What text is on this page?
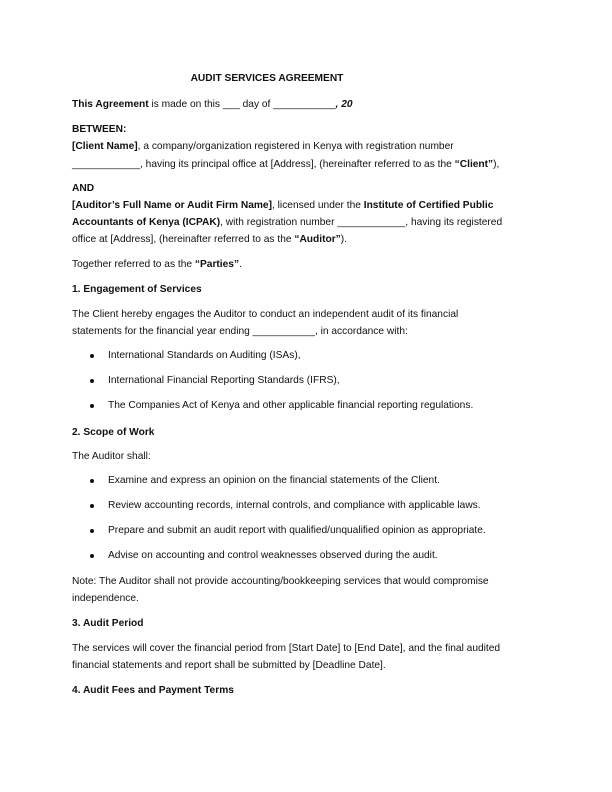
AUDIT SERVICES AGREEMENT

This Agreement is made on this ___ day of ___________, 20

BETWEEN:

[Client Name], a company/organization registered in Kenya with registration number

____________, having its principal office at [Address], (hereinafter referred to as the “Client”),

AND

[Auditor’s Full Name or Audit Firm Name], licensed under the Institute of Certified Public

Accountants of Kenya (ICPAK), with registration number ____________, having its registered

office at [Address], (hereinafter referred to as the “Auditor”).

Together referred to as the “Parties”.

1. Engagement of Services

The Client hereby engages the Auditor to conduct an independent audit of its financial

statements for the financial year ending ___________, in accordance with:

International Standards on Auditing (ISAs),
International Financial Reporting Standards (IFRS),
The Companies Act of Kenya and other applicable financial reporting regulations.

2. Scope of Work

The Auditor shall:

Examine and express an opinion on the financial statements of the Client.
Review accounting records, internal controls, and compliance with applicable laws.
Prepare and submit an audit report with qualified/unqualified opinion as appropriate.
Advise on accounting and control weaknesses observed during the audit.

Note: The Auditor shall not provide accounting/bookkeeping services that would compromise

independence.

3. Audit Period

The services will cover the financial period from [Start Date] to [End Date], and the final audited

financial statements and report shall be submitted by [Deadline Date].

4. Audit Fees and Payment Terms
